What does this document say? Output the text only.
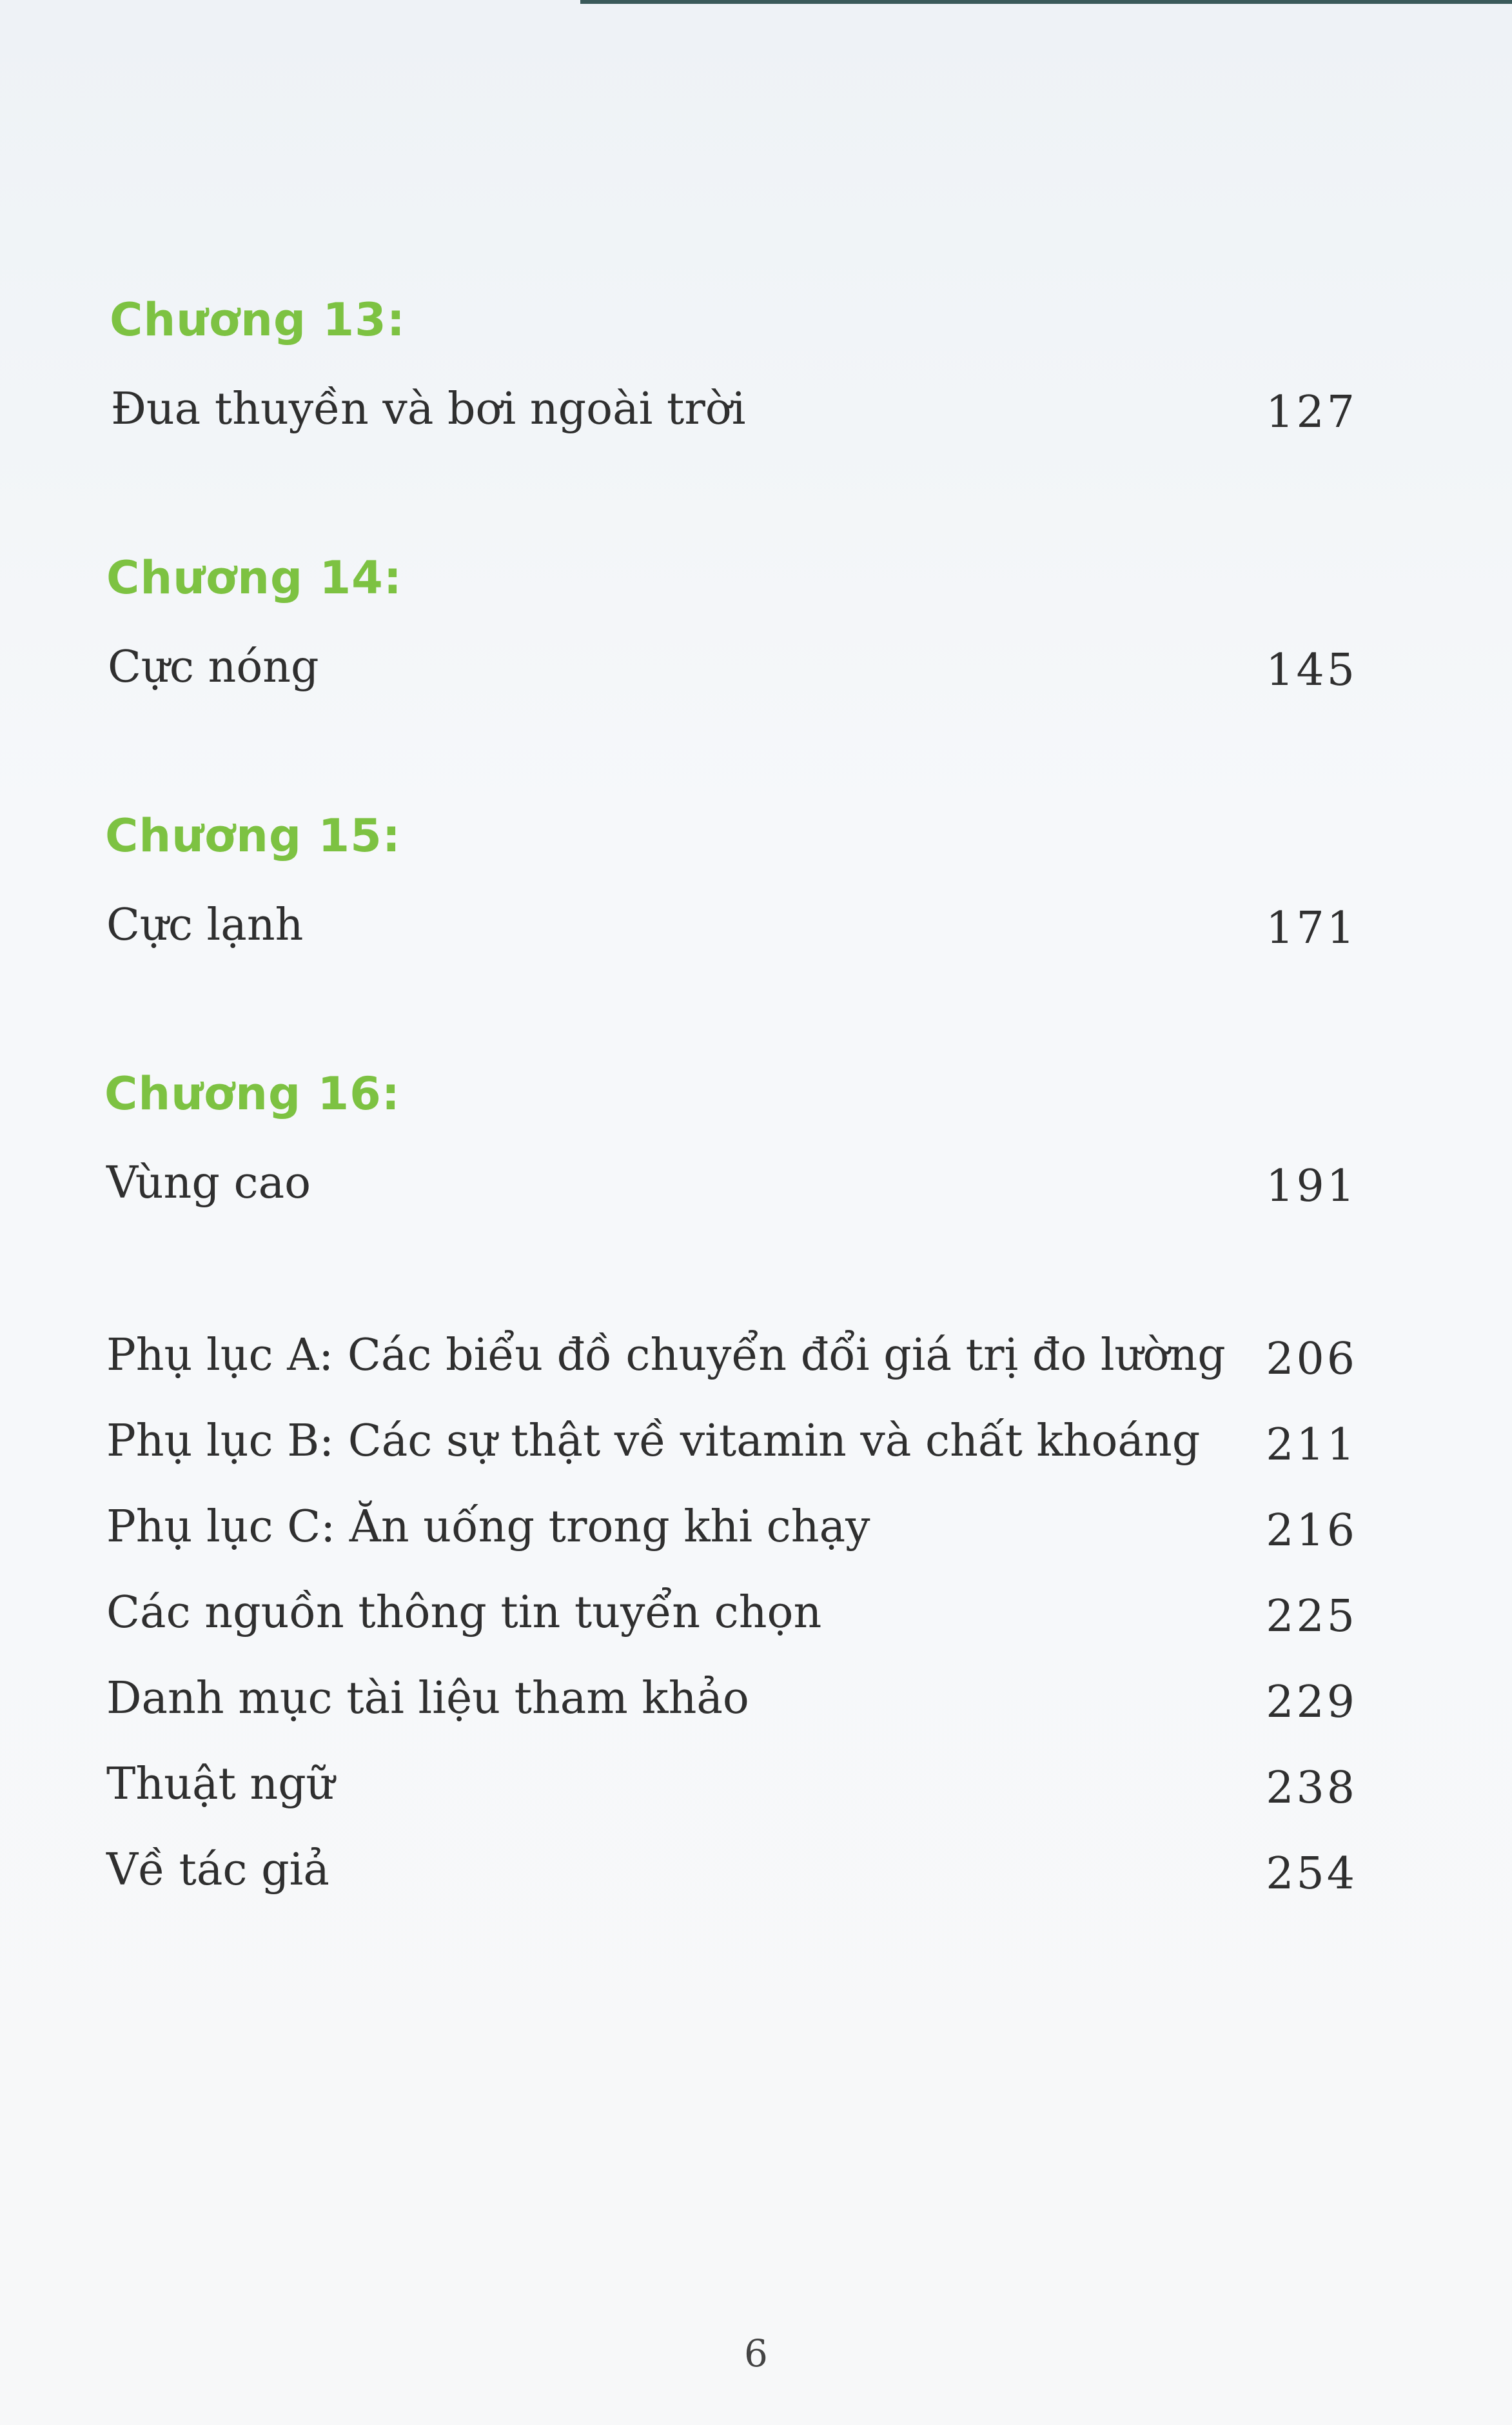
Chương 13:
Đua thuyền và bơi ngoài trời	127
Chương 14:
Cực nóng	145
Chương 15:
Cực lạnh	171
Chương 16:
Vùng cao	191
Phụ lục A: Các biểu đồ chuyển đổi giá trị đo lường 206
Phụ lục B: Các sự thật về vitamin và chất khoáng 211
Phụ lục C: Ăn uống trong khi chạy	216
Các nguồn thông tin tuyển chọn	225
Danh mục tài liệu tham khảo	229
Thuật ngữ	238
Về tác giả	254
6
